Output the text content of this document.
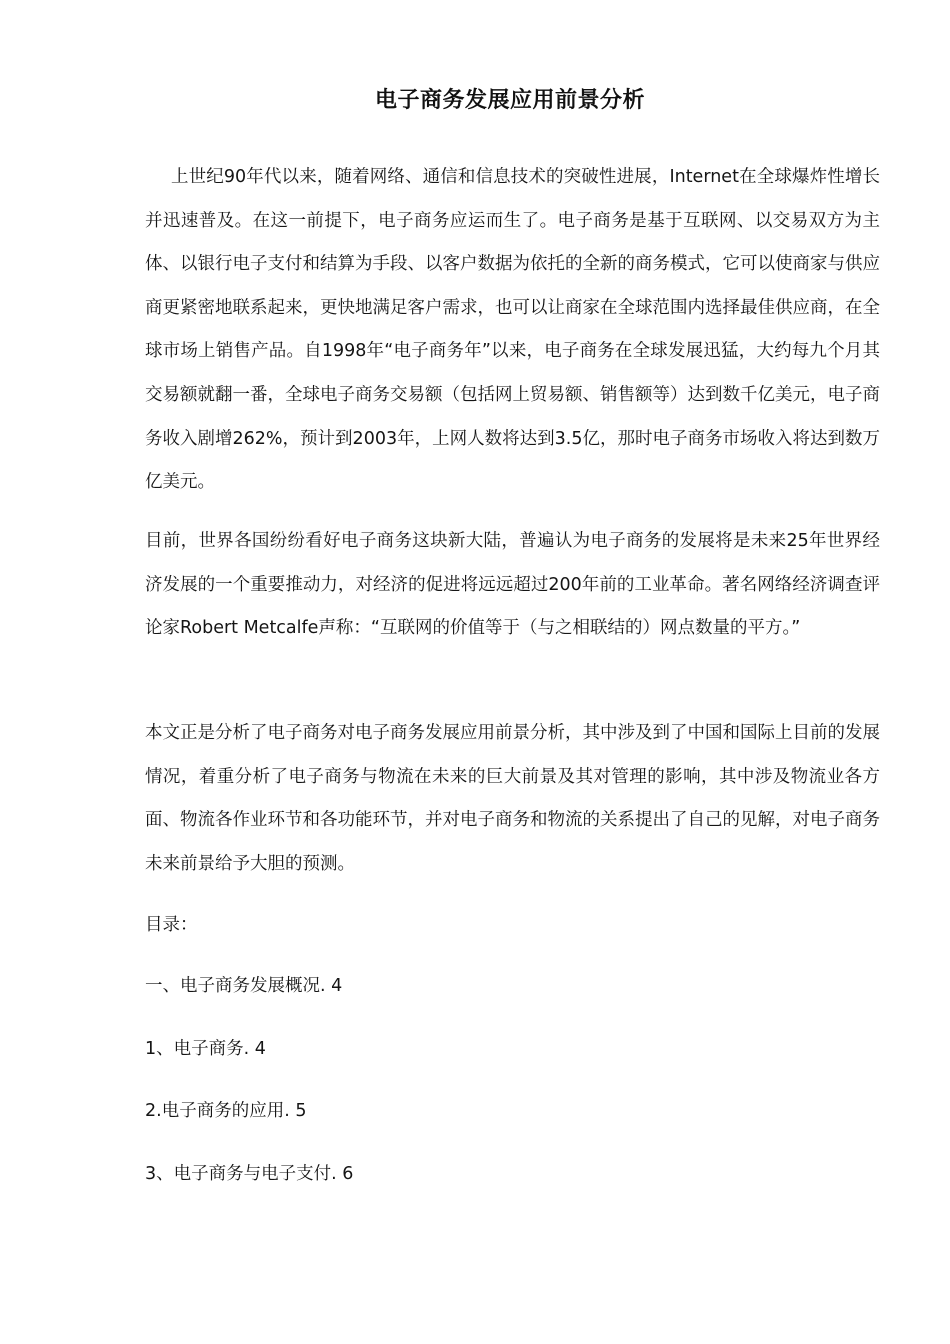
电子商务发展应用前景分析

上世纪90年代以来，随着网络、通信和信息技术的突破性进展，Internet在全球爆炸性增长并迅速普及。在这一前提下，电子商务应运而生了。电子商务是基于互联网、以交易双方为主体、以银行电子支付和结算为手段、以客户数据为依托的全新的商务模式，它可以使商家与供应商更紧密地联系起来，更快地满足客户需求，也可以让商家在全球范围内选择最佳供应商，在全球市场上销售产品。自1998年“电子商务年”以来，电子商务在全球发展迅猛，大约每九个月其交易额就翻一番，全球电子商务交易额（包括网上贸易额、销售额等）达到数千亿美元，电子商务收入剧增262%，预计到2003年，上网人数将达到3.5亿，那时电子商务市场收入将达到数万亿美元。

目前，世界各国纷纷看好电子商务这块新大陆，普遍认为电子商务的发展将是未来25年世界经济发展的一个重要推动力，对经济的促进将远远超过200年前的工业革命。著名网络经济调查评论家Robert Metcalfe声称：“互联网的价值等于（与之相联结的）网点数量的平方。”

本文正是分析了电子商务对电子商务发展应用前景分析，其中涉及到了中国和国际上目前的发展情况，着重分析了电子商务与物流在未来的巨大前景及其对管理的影响，其中涉及物流业各方面、物流各作业环节和各功能环节，并对电子商务和物流的关系提出了自己的见解，对电子商务未来前景给予大胆的预测。

目录：
一、电子商务发展概况. 4
1、电子商务. 4
2.电子商务的应用. 5
3、电子商务与电子支付. 6
